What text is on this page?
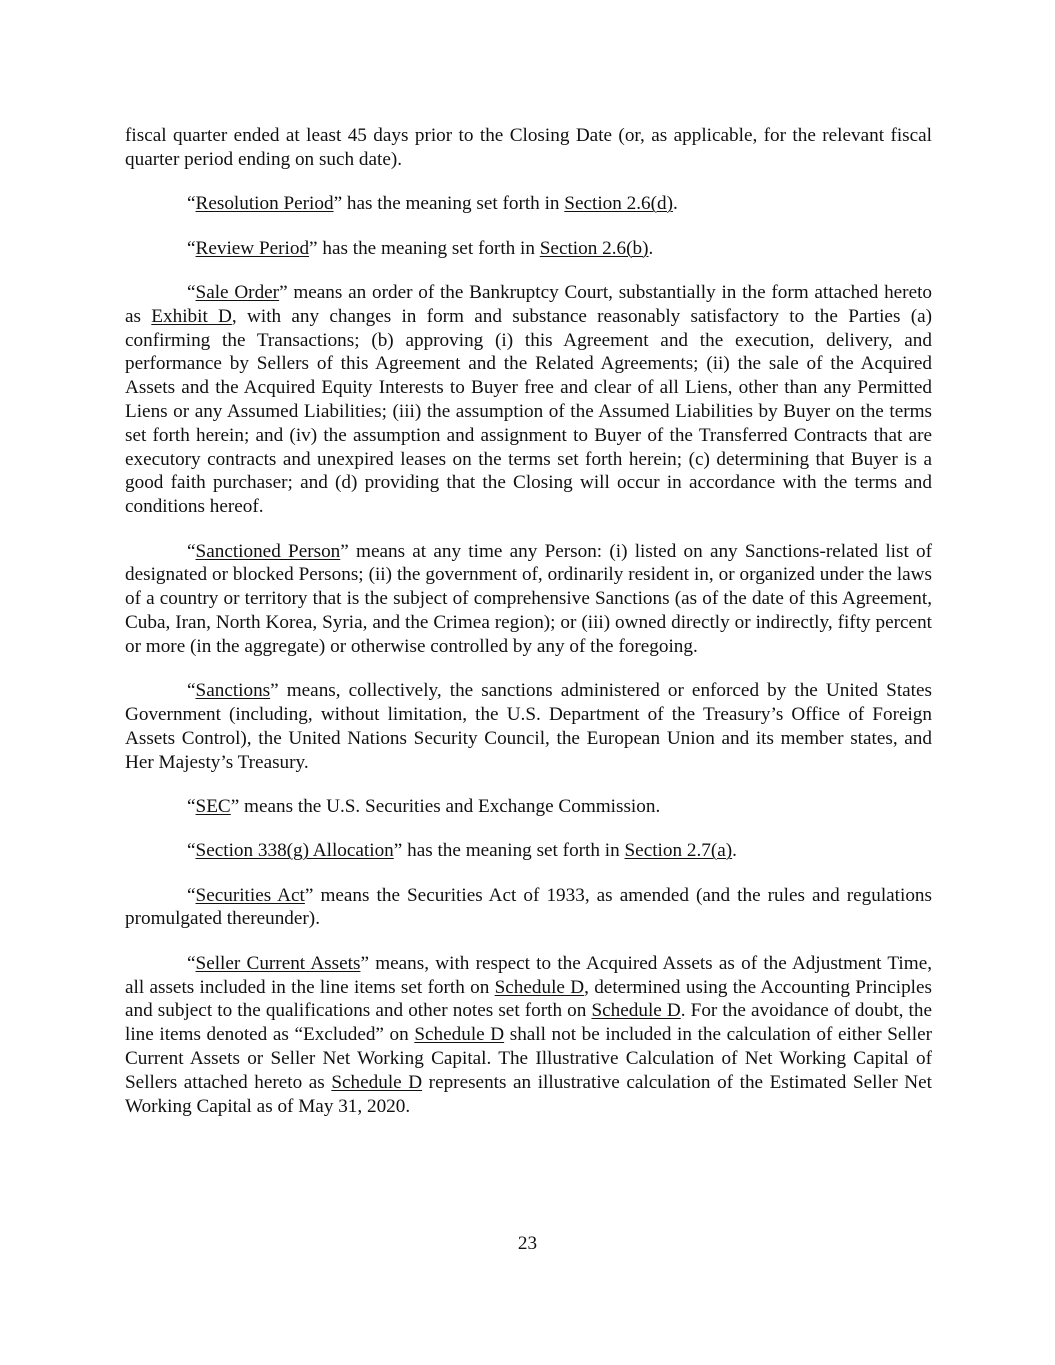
fiscal quarter ended at least 45 days prior to the Closing Date (or, as applicable, for the relevant fiscal quarter period ending on such date).

“Resolution Period” has the meaning set forth in Section 2.6(d).

“Review Period” has the meaning set forth in Section 2.6(b).

“Sale Order” means an order of the Bankruptcy Court, substantially in the form attached hereto as Exhibit D, with any changes in form and substance reasonably satisfactory to the Parties (a) confirming the Transactions; (b) approving (i) this Agreement and the execution, delivery, and performance by Sellers of this Agreement and the Related Agreements; (ii) the sale of the Acquired Assets and the Acquired Equity Interests to Buyer free and clear of all Liens, other than any Permitted Liens or any Assumed Liabilities; (iii) the assumption of the Assumed Liabilities by Buyer on the terms set forth herein; and (iv) the assumption and assignment to Buyer of the Transferred Contracts that are executory contracts and unexpired leases on the terms set forth herein; (c) determining that Buyer is a good faith purchaser; and (d) providing that the Closing will occur in accordance with the terms and conditions hereof.

“Sanctioned Person” means at any time any Person: (i) listed on any Sanctions-related list of designated or blocked Persons; (ii) the government of, ordinarily resident in, or organized under the laws of a country or territory that is the subject of comprehensive Sanctions (as of the date of this Agreement, Cuba, Iran, North Korea, Syria, and the Crimea region); or (iii) owned directly or indirectly, fifty percent or more (in the aggregate) or otherwise controlled by any of the foregoing.

“Sanctions” means, collectively, the sanctions administered or enforced by the United States Government (including, without limitation, the U.S. Department of the Treasury’s Office of Foreign Assets Control), the United Nations Security Council, the European Union and its member states, and Her Majesty’s Treasury.

“SEC” means the U.S. Securities and Exchange Commission.

“Section 338(g) Allocation” has the meaning set forth in Section 2.7(a).

“Securities Act” means the Securities Act of 1933, as amended (and the rules and regulations promulgated thereunder).

“Seller Current Assets” means, with respect to the Acquired Assets as of the Adjustment Time, all assets included in the line items set forth on Schedule D, determined using the Accounting Principles and subject to the qualifications and other notes set forth on Schedule D. For the avoidance of doubt, the line items denoted as “Excluded” on Schedule D shall not be included in the calculation of either Seller Current Assets or Seller Net Working Capital. The Illustrative Calculation of Net Working Capital of Sellers attached hereto as Schedule D represents an illustrative calculation of the Estimated Seller Net Working Capital as of May 31, 2020.

23
